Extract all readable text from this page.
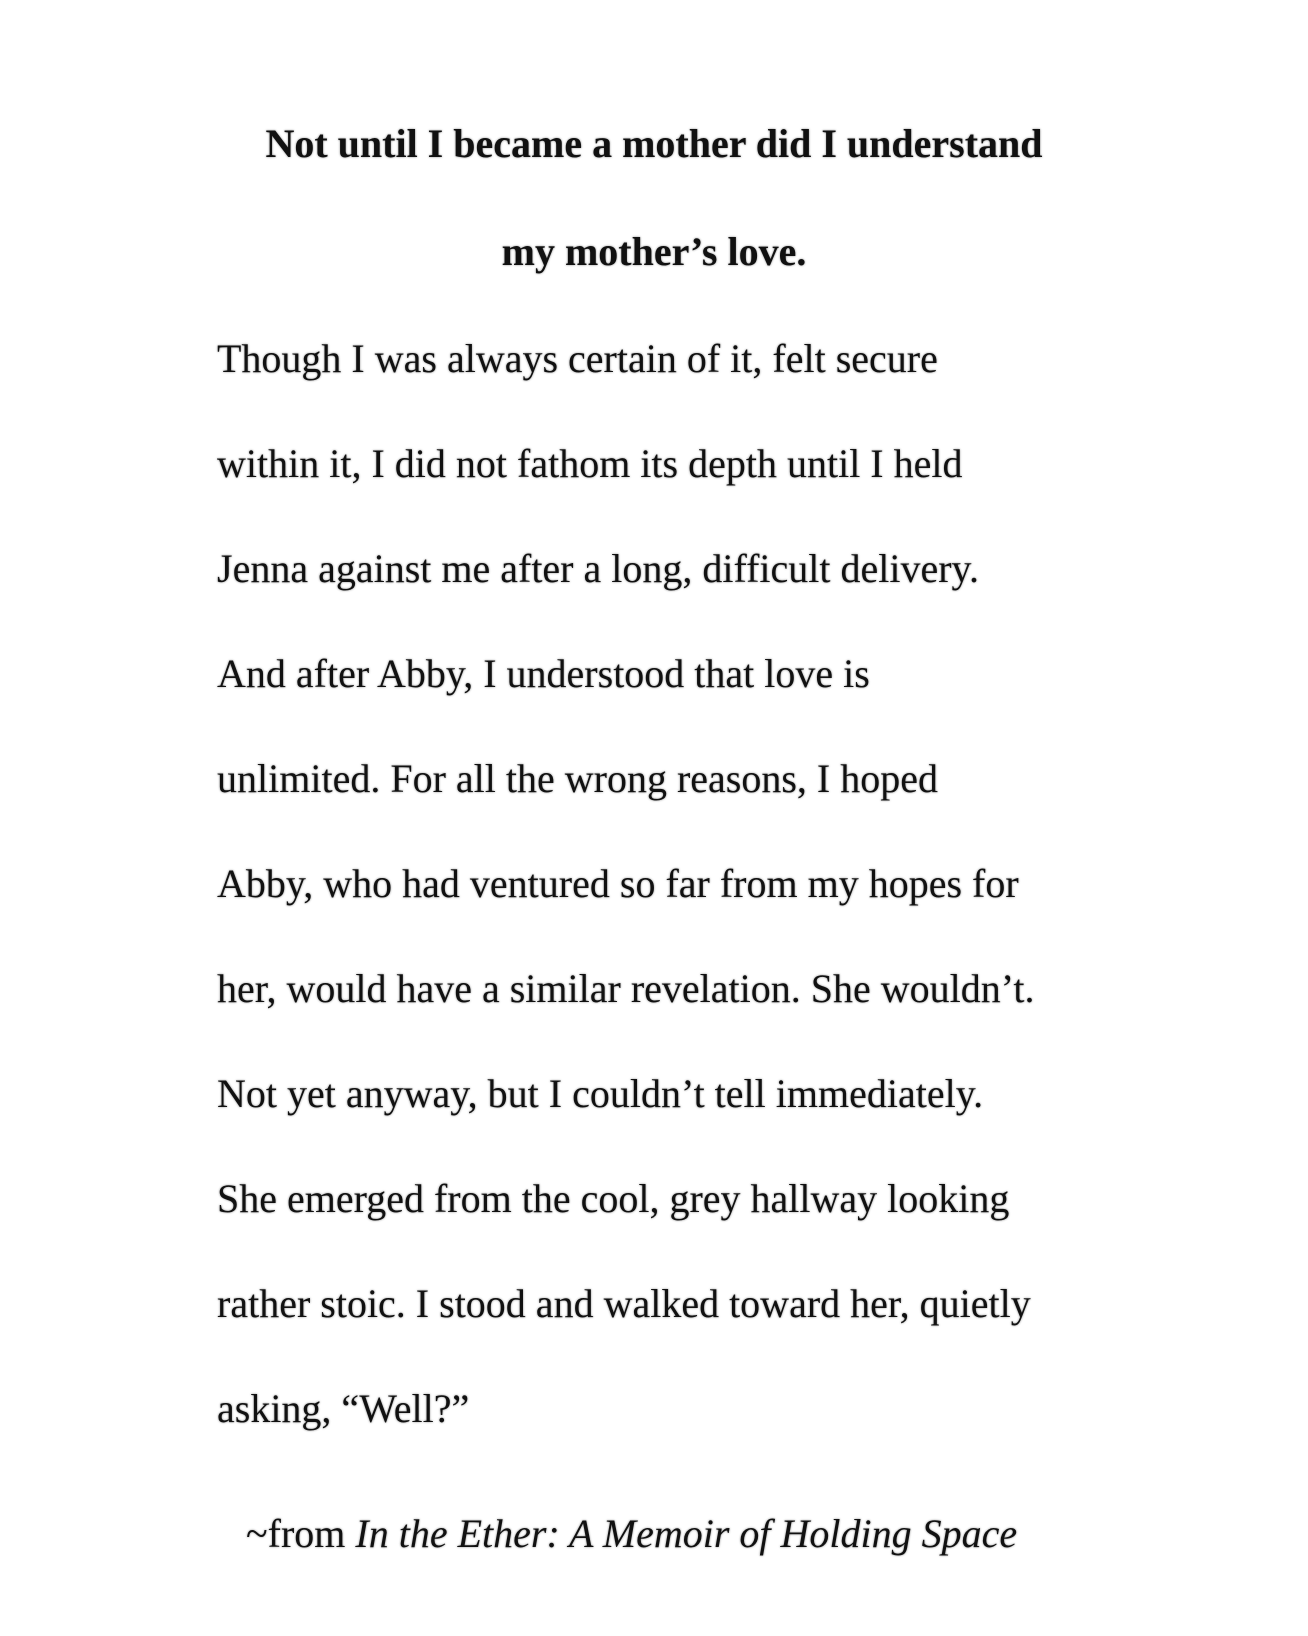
Not until I became a mother did I understand
my mother’s love.
Though I was always certain of it, felt secure
within it, I did not fathom its depth until I held
Jenna against me after a long, difficult delivery.
And after Abby, I understood that love is
unlimited. For all the wrong reasons, I hoped
Abby, who had ventured so far from my hopes for
her, would have a similar revelation. She wouldn’t.
Not yet anyway, but I couldn’t tell immediately.
She emerged from the cool, grey hallway looking
rather stoic. I stood and walked toward her, quietly
asking, “Well?”
~from In the Ether: A Memoir of Holding Space
